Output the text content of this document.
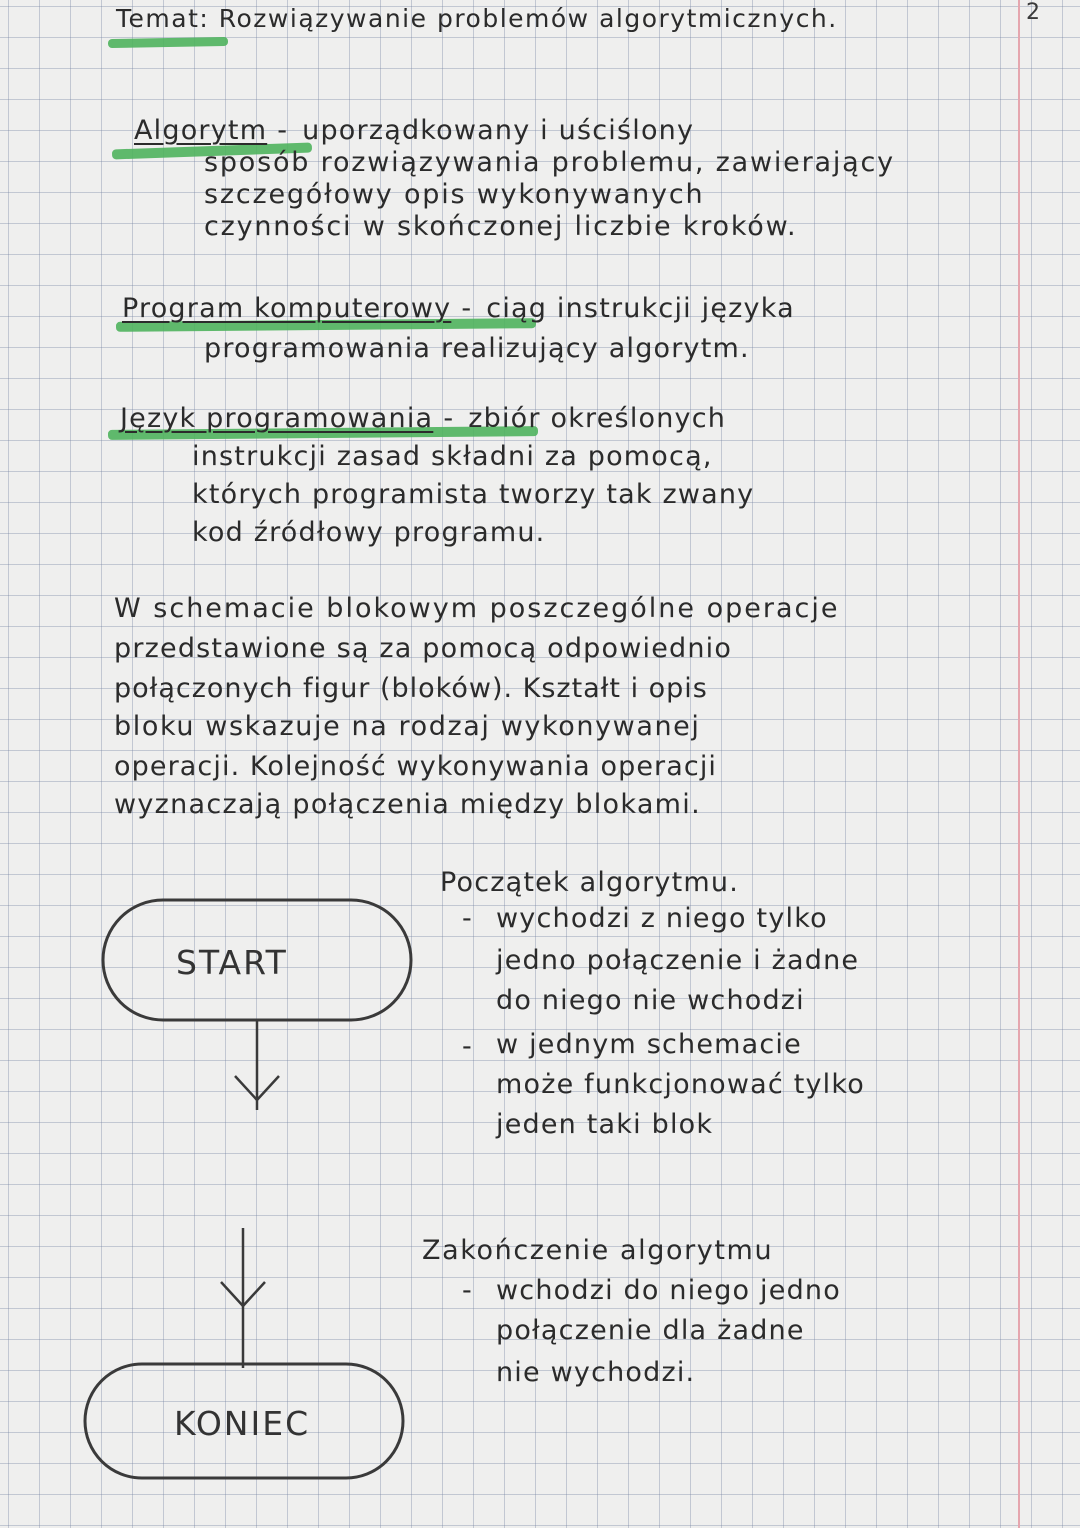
2
Temat: Rozwiązywanie problemów algorytmicznych.
Algorytm - uporządkowany i uściślony
sposób rozwiązywania problemu, zawierający
szczegółowy opis wykonywanych
czynności w skończonej liczbie kroków.
Program komputerowy - ciąg instrukcji języka
programowania realizujący algorytm.
Język programowania - zbiór określonych
instrukcji zasad składni za pomocą,
których programista tworzy tak zwany
kod źródłowy programu.
W schemacie blokowym poszczególne operacje
przedstawione są za pomocą odpowiednio
połączonych figur (bloków). Kształt i opis
bloku wskazuje na rodzaj wykonywanej
operacji. Kolejność wykonywania operacji
wyznaczają połączenia między blokami.
START
KONIEC
Początek algorytmu.
- wychodzi z niego tylko
jedno połączenie i żadne
do niego nie wchodzi
- w jednym schemacie
może funkcjonować tylko
jeden taki blok
Zakończenie algorytmu
- wchodzi do niego jedno
połączenie dla żadne
nie wychodzi.
